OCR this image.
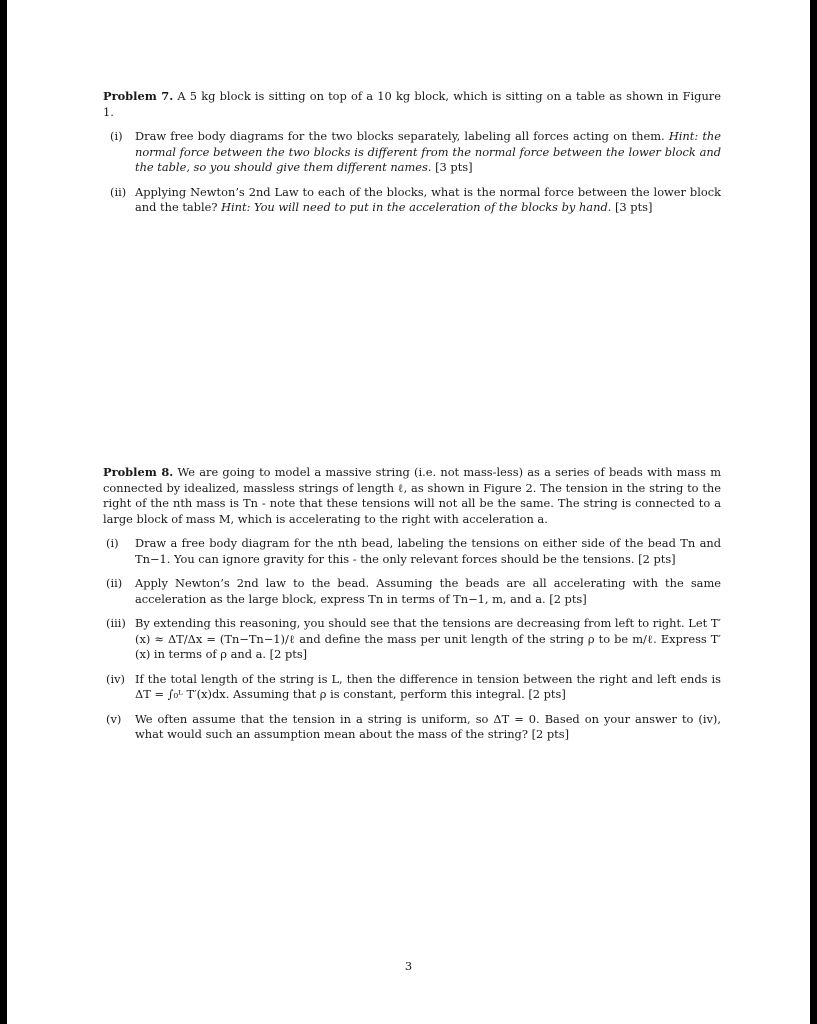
Problem 7. A 5 kg block is sitting on top of a 10 kg block, which is sitting on a table as shown in Figure 1.

(i)	Draw free body diagrams for the two blocks separately, labeling all forces acting on them. Hint: the normal force between the two blocks is different from the normal force between the lower block and the table, so you should give them different names. [3 pts]
(ii) Applying Newton’s 2nd Law to each of the blocks, what is the normal force between the lower block and the table? Hint: You will need to put in the acceleration of the blocks by hand. [3 pts]

Problem 8. We are going to model a massive string (i.e. not mass-less) as a series of beads with mass m connected by idealized, massless strings of length ℓ, as shown in Figure 2. The tension in the string to the right of the nth mass is Tn - note that these tensions will not all be the same. The string is connected to a large block of mass M, which is accelerating to the right with acceleration a.

(i)	Draw a free body diagram for the nth bead, labeling the tensions on either side of the bead Tn and Tn−1. You can ignore gravity for this - the only relevant forces should be the tensions. [2 pts]
(ii)	Apply Newton’s 2nd law to the bead. Assuming the beads are all accelerating with the same acceleration as the large block, express Tn in terms of Tn−1, m, and a. [2 pts]
(iii) By extending this reasoning, you should see that the tensions are decreasing from left to right. Let T′(x) ≈ ΔT/Δx = (Tn−Tn−1)/ℓ and define the mass per unit length of the string ρ to be m/ℓ. Express T′(x) in terms of ρ and a. [2 pts]
(iv) If the total length of the string is L, then the difference in tension between the right and left ends is ΔT = ∫₀ᴸ T′(x)dx. Assuming that ρ is constant, perform this integral. [2 pts]
(v)	We often assume that the tension in a string is uniform, so ΔT = 0. Based on your answer to (iv), what would such an assumption mean about the mass of the string? [2 pts]
3
